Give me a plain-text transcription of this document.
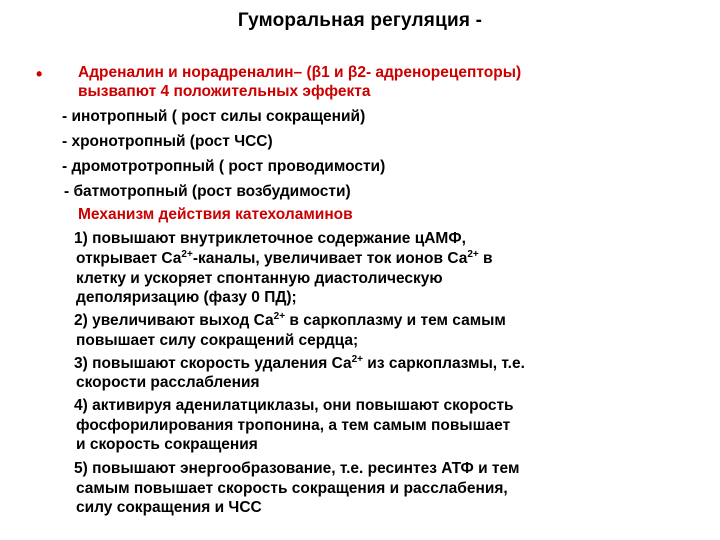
Гуморальная регуляция -
• Адреналин и норадреналин– (β1 и β2- адренорецепторы)
вызвапют 4 положительных эффекта
- инотропный ( рост силы сокращений)
- хронотропный (рост ЧСС)
- дромотротропный ( рост проводимости)
- батмотропный (рост возбудимости)
Механизм действия катехоламинов
1) повышают внутриклеточное содержание цАМФ,
открывает $Са^{2+}$-каналы, увеличивает ток ионов $Са^{2+}$ в
клетку и ускоряет спонтанную диастолическую
деполяризацию (фазу 0 ПД);
2) увеличивают выход $Са^{2+}$ в саркоплазму и тем самым
повышает силу сокращений сердца;
3) повышают скорость удаления $Са^{2+}$ из саркоплазмы, т.е.
скорости расслабления
4) активируя аденилатциклазы, они повышают скорость
фосфорилирования тропонина, а тем самым повышает
и скорость сокращения
5) повышают энергообразование, т.е. ресинтез АТФ и тем
самым повышает скорость сокращения и расслабения,
силу сокращения и ЧСС
